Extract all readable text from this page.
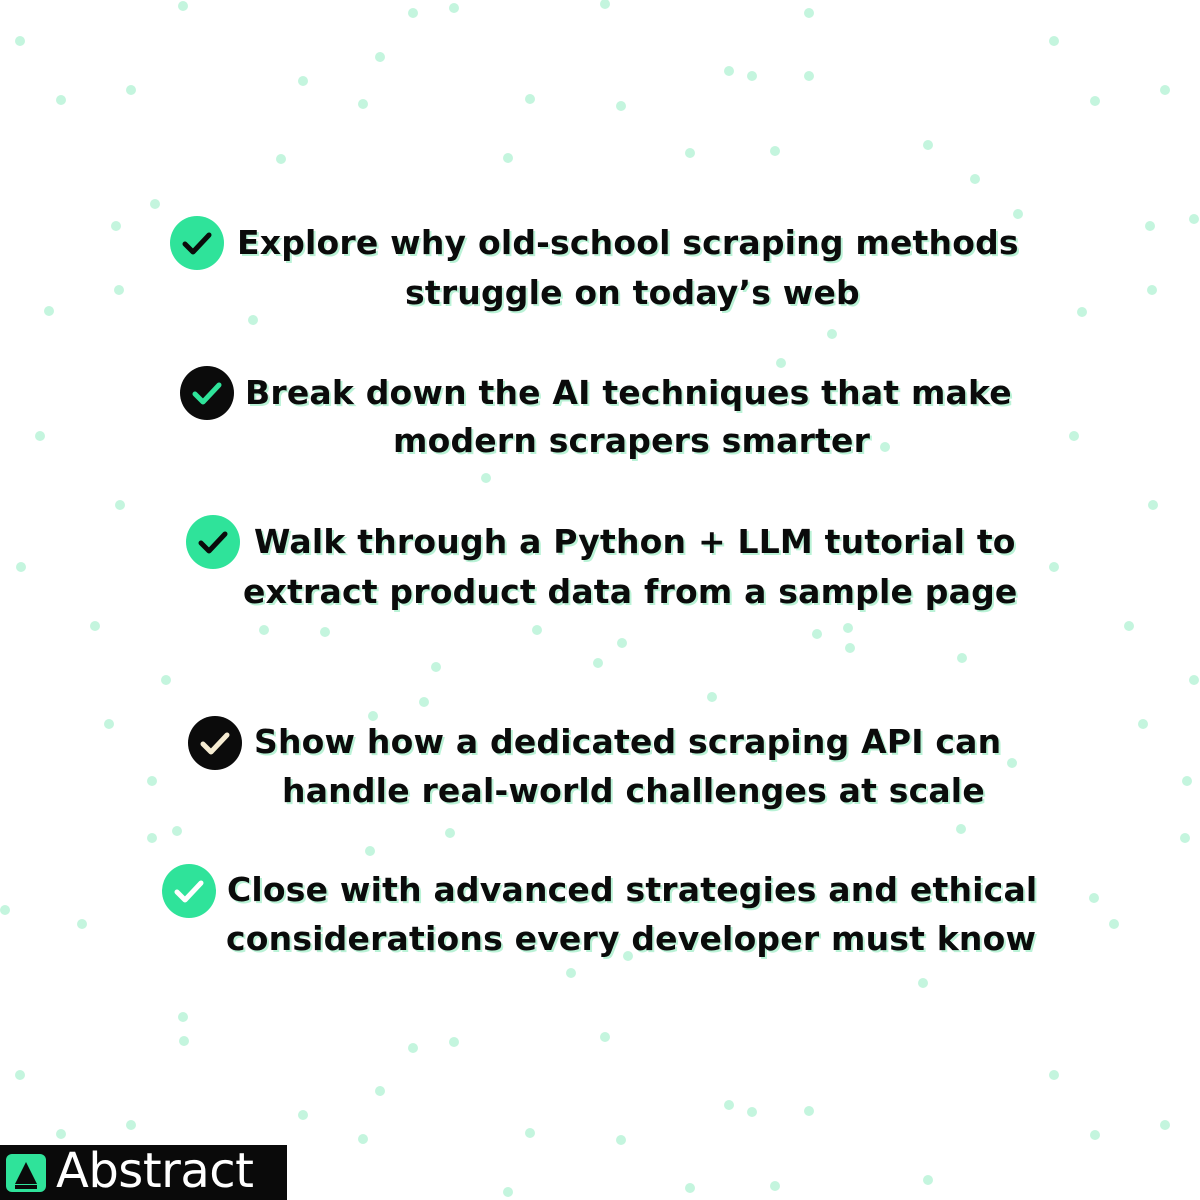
Explore why old-school scraping methods
struggle on today’s web
Break down the AI techniques that make
modern scrapers smarter
Walk through a Python + LLM tutorial to
extract product data from a sample page
Show how a dedicated scraping API can
handle real-world challenges at scale
Close with advanced strategies and ethical
considerations every developer must know
Abstract
